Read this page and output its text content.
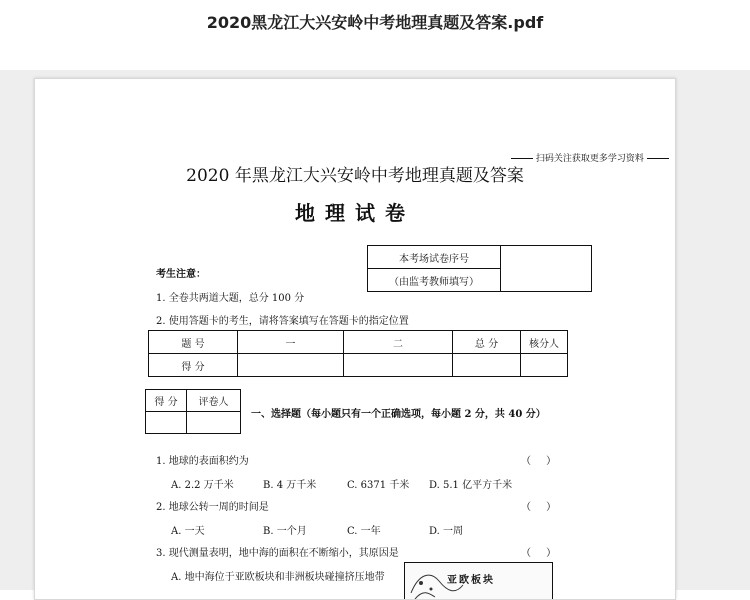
2020黑龙江大兴安岭中考地理真题及答案.pdf
扫码关注获取更多学习资料
2020 年黑龙江大兴安岭中考地理真题及答案
地理试卷
本考场试卷序号	
（由监考教师填写）
考生注意：
1. 全卷共两道大题，总分 100 分
2. 使用答题卡的考生，请将答案填写在答题卡的指定位置
题 号	一	二	总 分	核分人
得 分				
得 分	评卷人

一、选择题（每小题只有一个正确选项，每小题 2 分，共 40 分）
1. 地球的表面积约为	（ ）
A. 2.2 万千米	B. 4 万千米	C. 6371 千米 D. 5.1 亿平方千米
2. 地球公转一周的时间是	（ ）
A. 一天	B. 一个月	C. 一年	D. 一周
3. 现代测量表明，地中海的面积在不断缩小，其原因是	（ ）
A. 地中海位于亚欧板块和非洲板块碰撞挤压地带	亚欧板块
